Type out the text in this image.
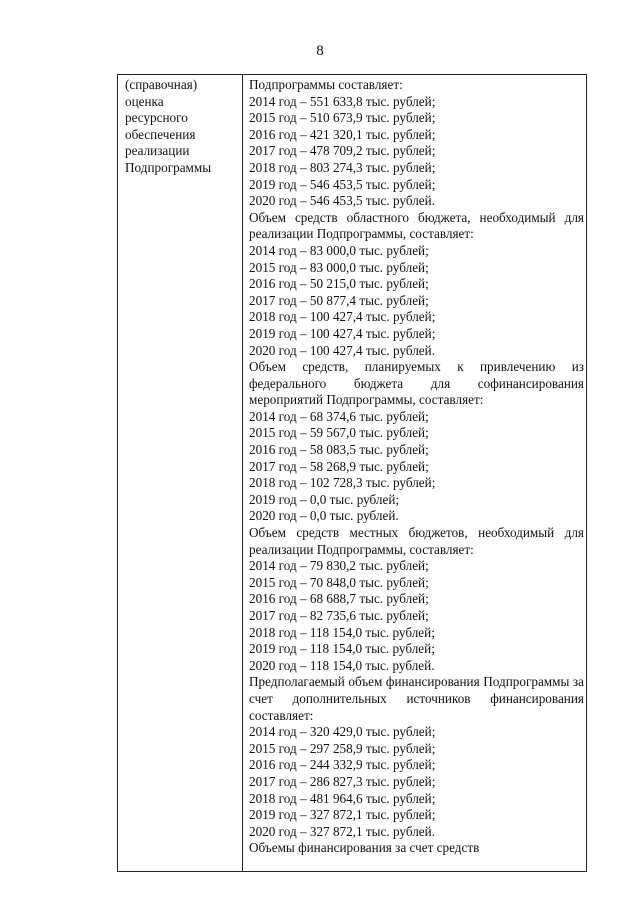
8
(справочная)
оценка
ресурсного
обеспечения
реализации
Подпрограммы
Подпрограммы составляет:
2014 год – 551 633,8 тыс. рублей;
2015 год – 510 673,9 тыс. рублей;
2016 год – 421 320,1 тыс. рублей;
2017 год – 478 709,2 тыс. рублей;
2018 год – 803 274,3 тыс. рублей;
2019 год – 546 453,5 тыс. рублей;
2020 год – 546 453,5 тыс. рублей.
Объем средств областного бюджета, необходимый для реализации Подпрограммы, составляет:
2014 год – 83 000,0 тыс. рублей;
2015 год – 83 000,0 тыс. рублей;
2016 год – 50 215,0 тыс. рублей;
2017 год – 50 877,4 тыс. рублей;
2018 год – 100 427,4 тыс. рублей;
2019 год – 100 427,4 тыс. рублей;
2020 год – 100 427,4 тыс. рублей.
Объем средств, планируемых к привлечению из федерального бюджета для софинансирования мероприятий Подпрограммы, составляет:
2014 год – 68 374,6 тыс. рублей;
2015 год – 59 567,0 тыс. рублей;
2016 год – 58 083,5 тыс. рублей;
2017 год – 58 268,9 тыс. рублей;
2018 год – 102 728,3 тыс. рублей;
2019 год – 0,0 тыс. рублей;
2020 год – 0,0 тыс. рублей.
Объем средств местных бюджетов, необходимый для реализации Подпрограммы, составляет:
2014 год – 79 830,2 тыс. рублей;
2015 год – 70 848,0 тыс. рублей;
2016 год – 68 688,7 тыс. рублей;
2017 год – 82 735,6 тыс. рублей;
2018 год – 118 154,0 тыс. рублей;
2019 год – 118 154,0 тыс. рублей;
2020 год – 118 154,0 тыс. рублей.
Предполагаемый объем финансирования Подпрограммы за счет дополнительных источников финансирования составляет:
2014 год – 320 429,0 тыс. рублей;
2015 год – 297 258,9 тыс. рублей;
2016 год – 244 332,9 тыс. рублей;
2017 год – 286 827,3 тыс. рублей;
2018 год – 481 964,6 тыс. рублей;
2019 год – 327 872,1 тыс. рублей;
2020 год – 327 872,1 тыс. рублей.
Объемы финансирования за счет средств
